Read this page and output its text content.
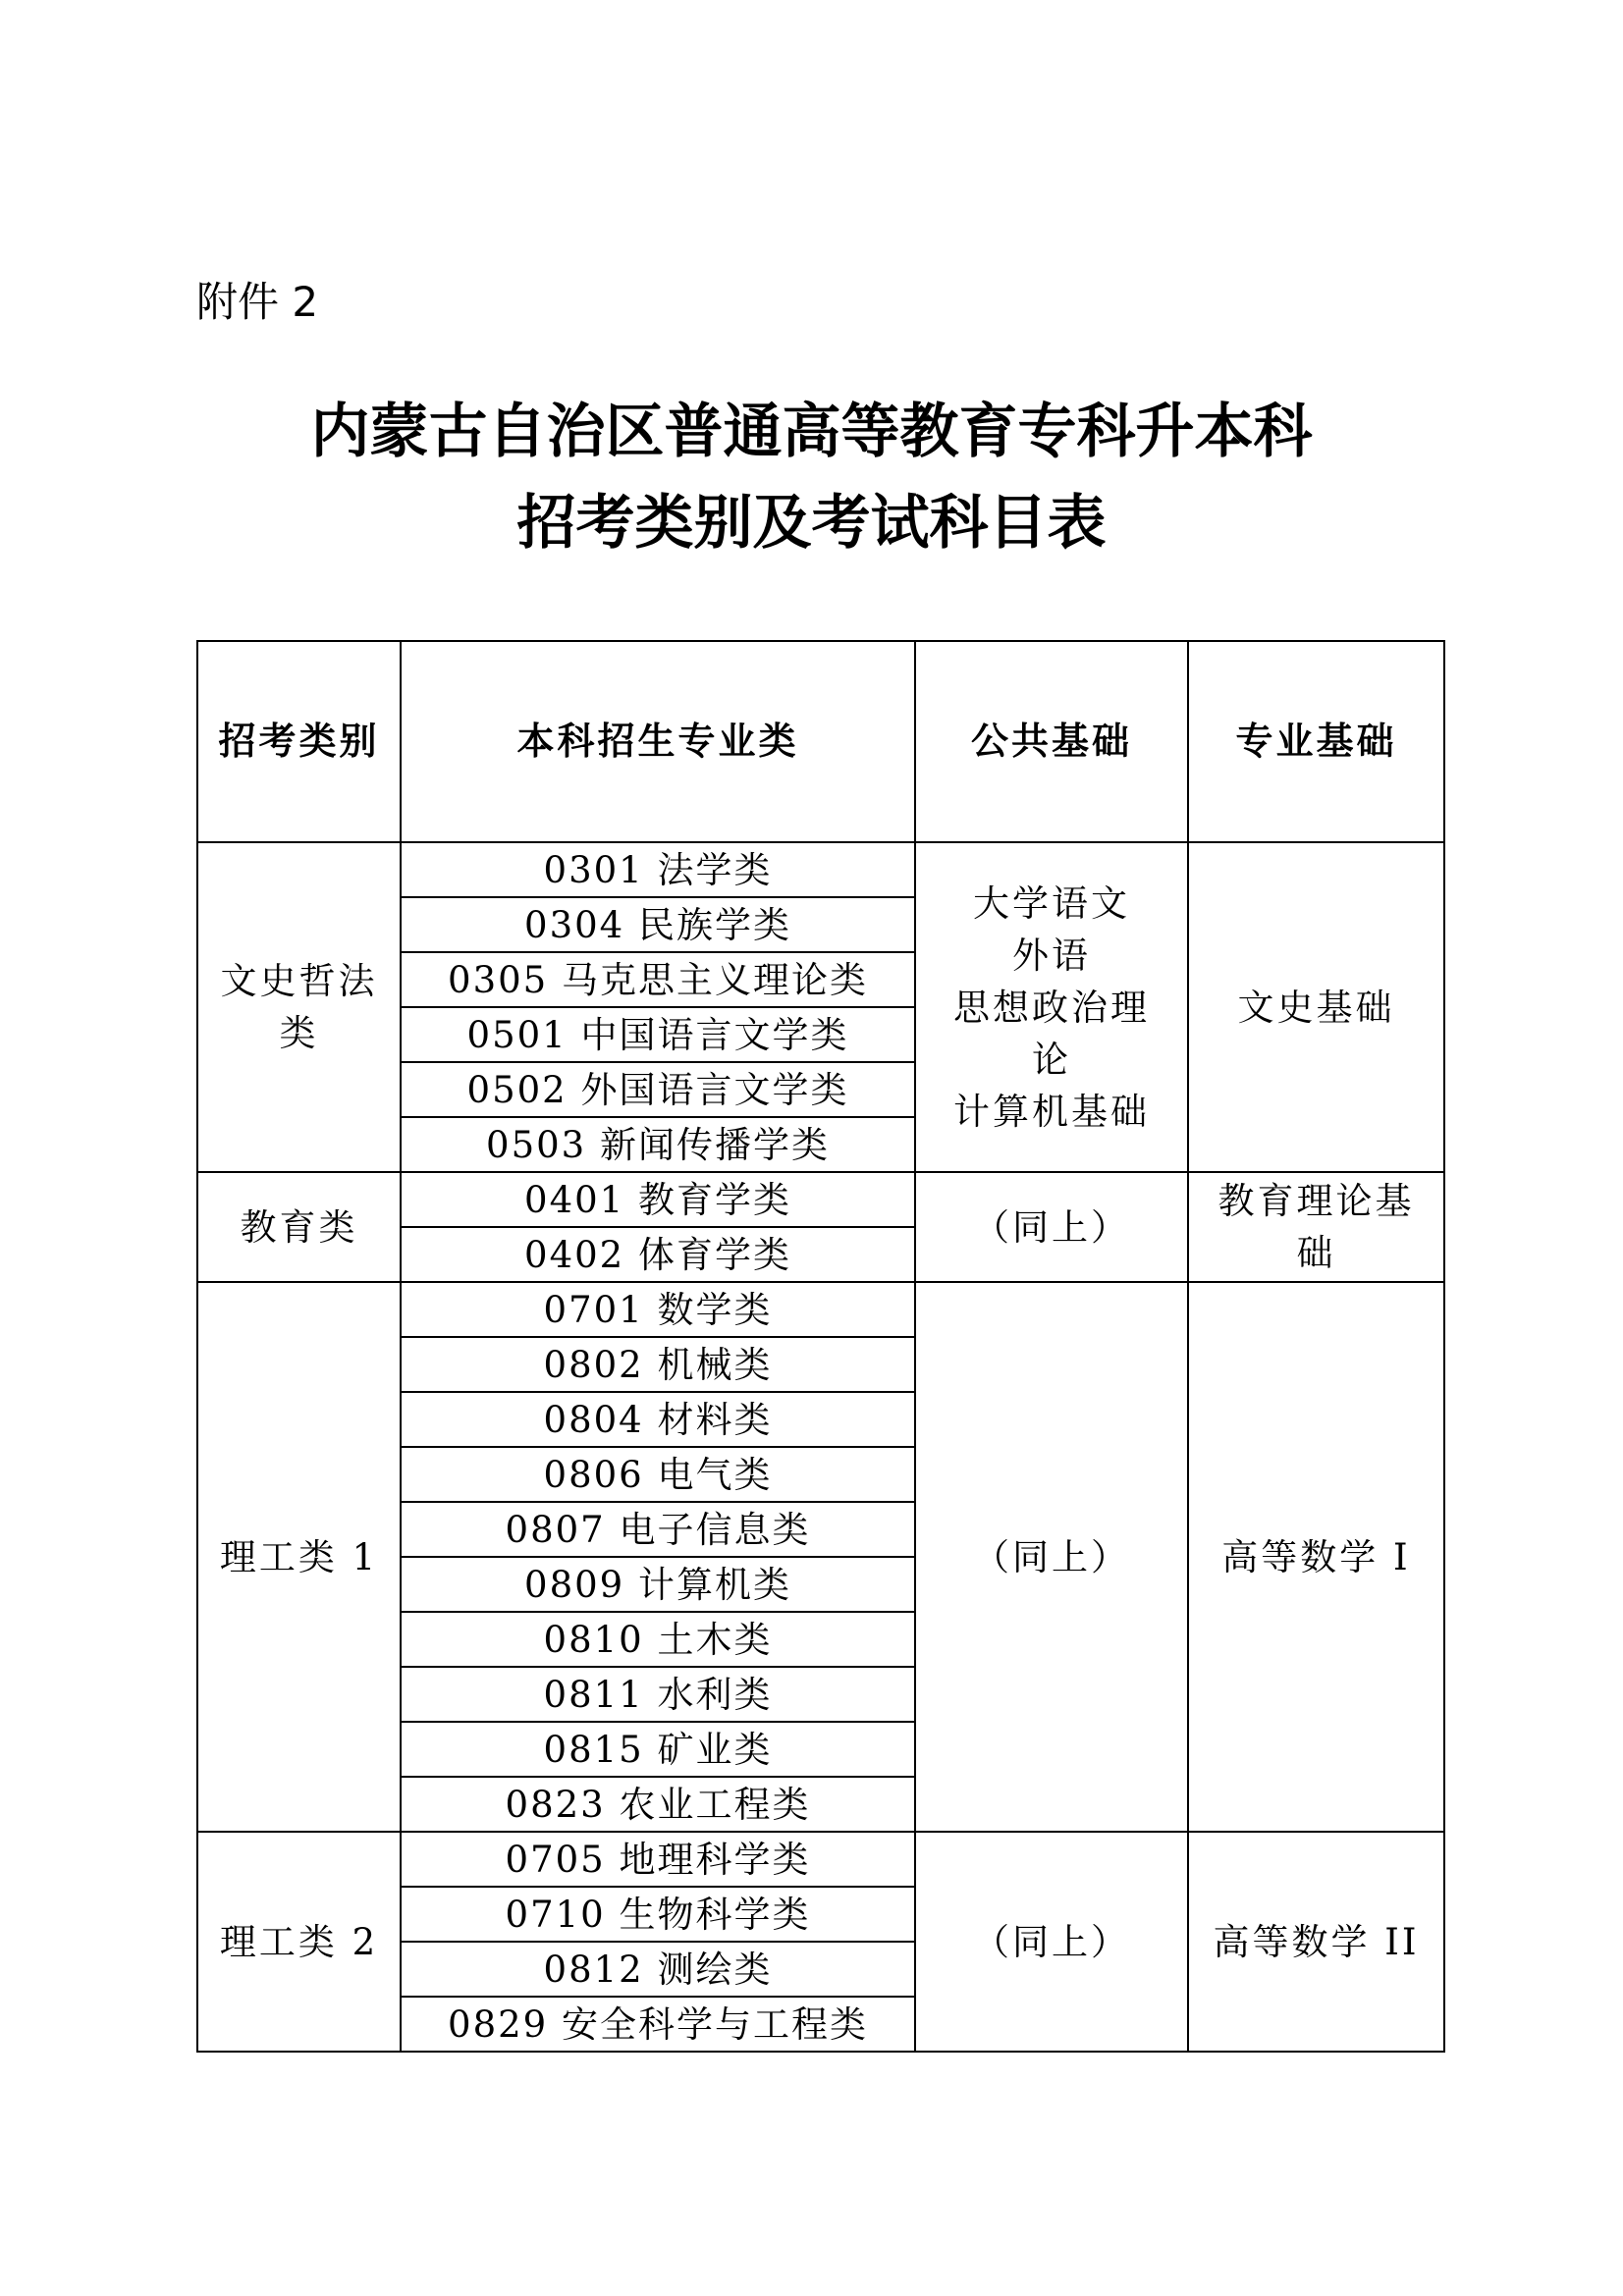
附件 2
内蒙古自治区普通高等教育专科升本科
招考类别及考试科目表
招考类别	本科招生专业类	公共基础	专业基础

文史哲法
类	0301 法学类	大学语文
外语
思想政治理
论
计算机基础	文史基础

	0304 民族学类		
	0305 马克思主义理论类		
	0501 中国语言文学类		
	0502 外国语言文学类		
	0503 新闻传播学类		

教育类	0401 教育学类	（同上）	教育理论基
础

	0402 体育学类		

理工类 1	0701 数学类	（同上）	高等数学 I

	0802 机械类		
	0804 材料类		
	0806 电气类		
	0807 电子信息类		
	0809 计算机类		
	0810 土木类		
	0811 水利类		
	0815 矿业类		
	0823 农业工程类		

理工类 2	0705 地理科学类	（同上）	高等数学 II

	0710 生物科学类		
	0812 测绘类		
	0829 安全科学与工程类		
